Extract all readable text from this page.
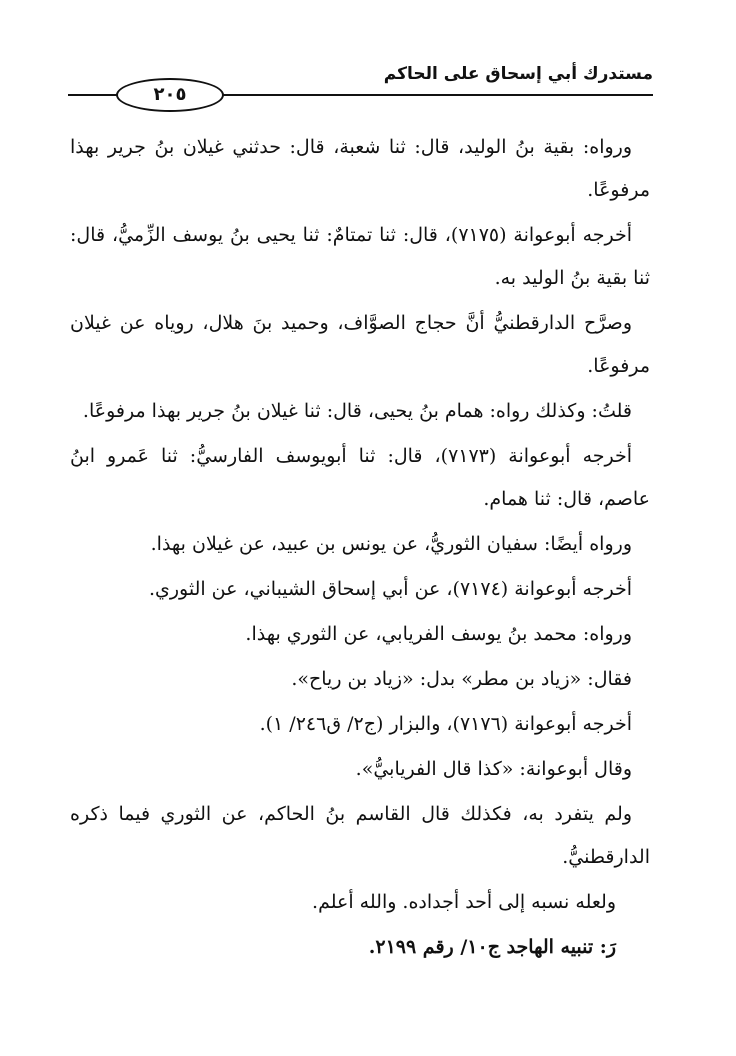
مستدرك أبي إسحاق على الحاكم
٢٠٥

ورواه: بقية بنُ الوليد، قال: ثنا شعبة، قال: حدثني غيلان بنُ جرير بهذا مرفوعًا.

أخرجه أبوعوانة (٧١٧٥)، قال: ثنا تمتامٌ: ثنا يحيى بنُ يوسف الزِّميُّ، قال: ثنا بقية بنُ الوليد به.

وصرَّح الدارقطنيُّ أنَّ حجاج الصوَّاف، وحميد بنَ هلال، روياه عن غيلان مرفوعًا.

قلتُ: وكذلك رواه: همام بنُ يحيى، قال: ثنا غيلان بنُ جرير بهذا مرفوعًا.

أخرجه أبوعوانة (٧١٧٣)، قال: ثنا أبويوسف الفارسيُّ: ثنا عَمرو ابنُ عاصم، قال: ثنا همام.

ورواه أيضًا: سفيان الثوريُّ، عن يونس بن عبيد، عن غيلان بهذا.

أخرجه أبوعوانة (٧١٧٤)، عن أبي إسحاق الشيباني، عن الثوري.

ورواه: محمد بنُ يوسف الفريابي، عن الثوري بهذا.

فقال: «زياد بن مطر» بدل: «زياد بن رياح».

أخرجه أبوعوانة (٧١٧٦)، والبزار (ج٢/ ق٢٤٦/ ١).

وقال أبوعوانة: «كذا قال الفريابيُّ».

ولم يتفرد به، فكذلك قال القاسم بنُ الحاكم، عن الثوري فيما ذكره الدارقطنيُّ.

ولعله نسبه إلى أحد أجداده. والله أعلم.

رَ: تنبيه الهاجد ج١٠/ رقم ٢١٩٩.
